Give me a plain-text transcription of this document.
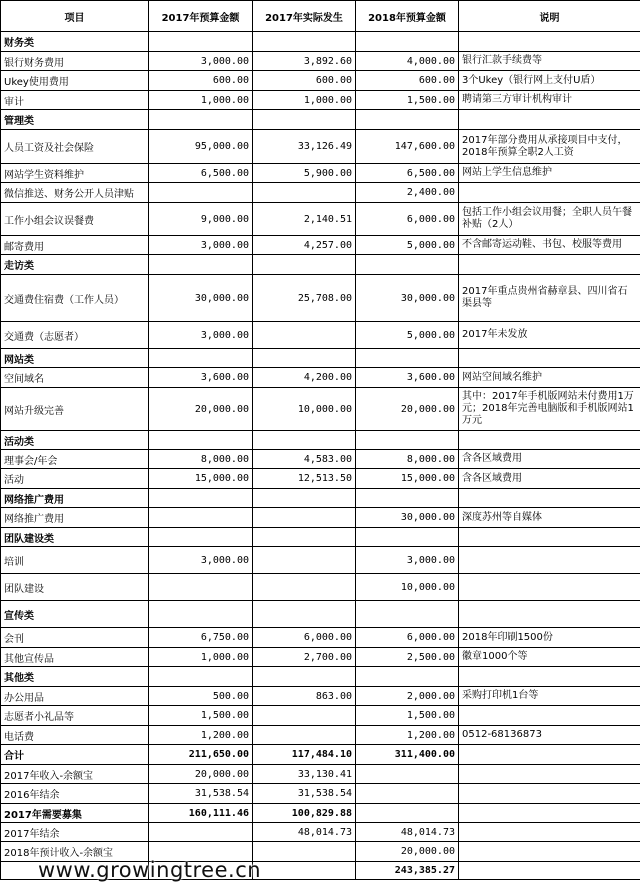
项目	2017年预算金额	2017年实际发生	2018年预算金额	说明
财务类				
银行财务费用	3,000.00	3,892.60	4,000.00	银行汇款手续费等
Ukey使用费用	600.00	600.00	600.00	3个Ukey（银行网上支付U盾）
审计	1,000.00	1,000.00	1,500.00	聘请第三方审计机构审计
管理类				
人员工资及社会保险	95,000.00	33,126.49	147,600.00	2017年部分费用从承接项目中支付，2018年预算全职2人工资
网站学生资料维护	6,500.00	5,900.00	6,500.00	网站上学生信息维护
微信推送、财务公开人员津贴			2,400.00	
工作小组会议误餐费	9,000.00	2,140.51	6,000.00	包括工作小组会议用餐；全职人员午餐补贴（2人）
邮寄费用	3,000.00	4,257.00	5,000.00	不含邮寄运动鞋、书包、校服等费用
走访类				
交通费住宿费（工作人员）	30,000.00	25,708.00	30,000.00	2017年重点贵州省赫章县、四川省石渠县等
交通费（志愿者）	3,000.00		5,000.00	2017年未发放
网站类				
空间域名	3,600.00	4,200.00	3,600.00	网站空间域名维护
网站升级完善	20,000.00	10,000.00	20,000.00	其中：2017年手机版网站未付费用1万元；2018年完善电脑版和手机版网站1万元
活动类				
理事会/年会	8,000.00	4,583.00	8,000.00	含各区域费用
活动	15,000.00	12,513.50	15,000.00	含各区域费用
网络推广费用				
网络推广费用			30,000.00	深度苏州等自媒体
团队建设类				
培训	3,000.00		3,000.00	
团队建设			10,000.00	
宣传类				
会刊	6,750.00	6,000.00	6,000.00	2018年印刷1500份
其他宣传品	1,000.00	2,700.00	2,500.00	徽章1000个等
其他类				
办公用品	500.00	863.00	2,000.00	采购打印机1台等
志愿者小礼品等	1,500.00		1,500.00	
电话费	1,200.00		1,200.00	0512-68136873
合计	211,650.00	117,484.10	311,400.00	
2017年收入-余额宝	20,000.00	33,130.41		
2016年结余	31,538.54	31,538.54		
2017年需要募集	160,111.46	100,829.88		
2017年结余		48,014.73	48,014.73	
2018年预计收入-余额宝			20,000.00	
			243,385.27	
www.growingtree.cn
